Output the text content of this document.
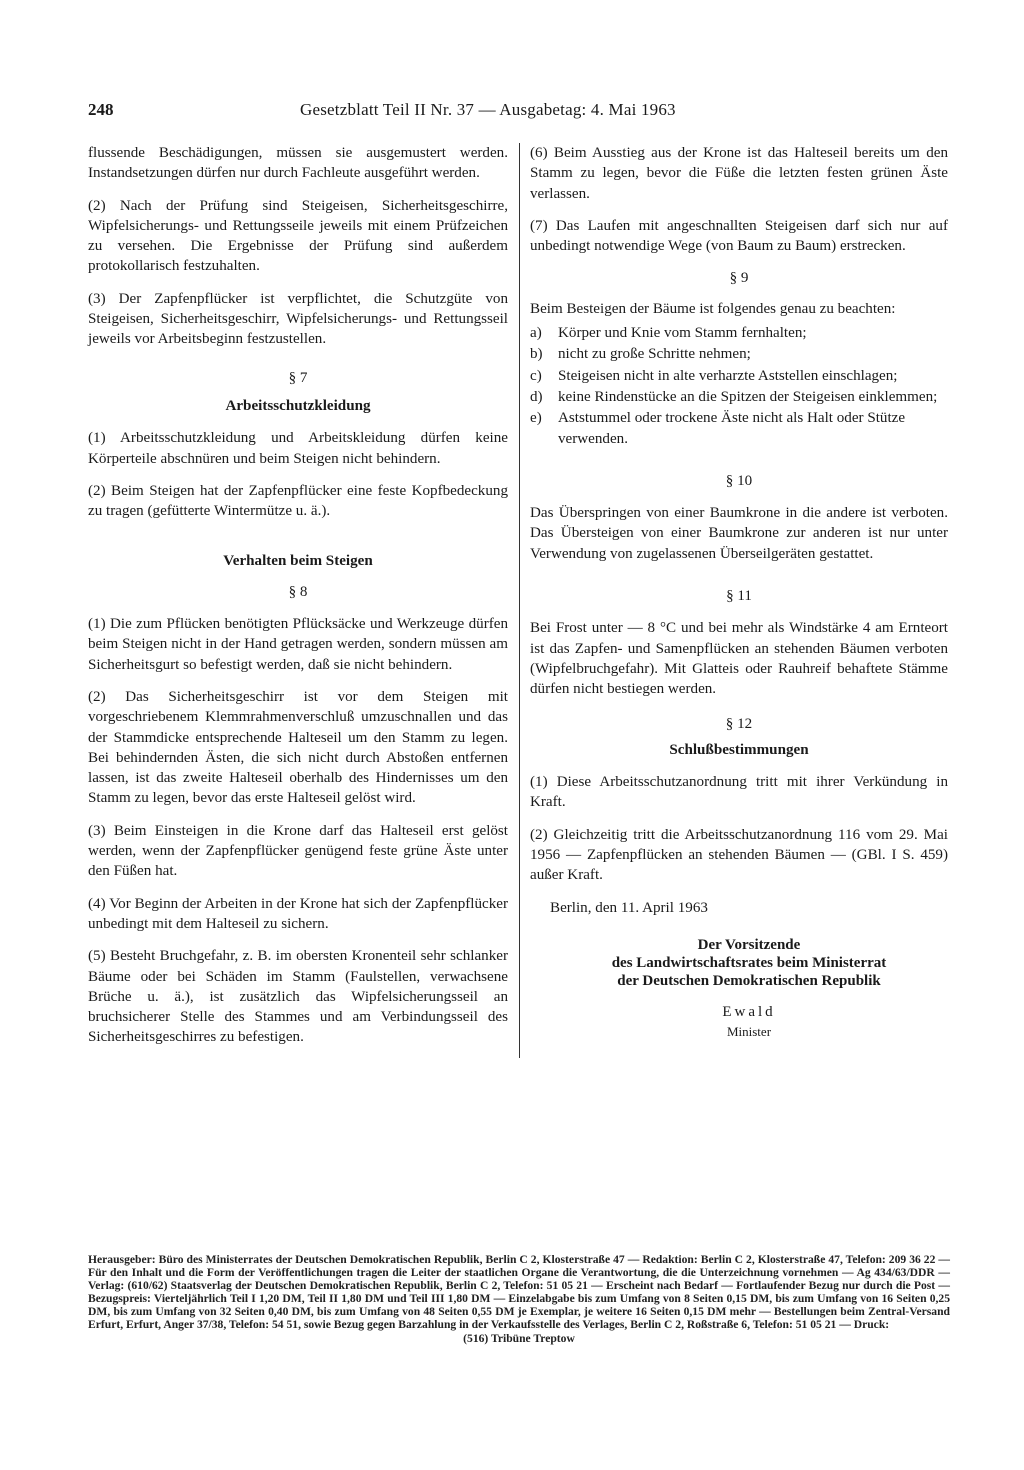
248	Gesetzblatt Teil II Nr. 37 — Ausgabetag: 4. Mai 1963

flussende Beschädigungen, müssen sie ausgemustert werden. Instandsetzungen dürfen nur durch Fachleute ausgeführt werden.

(2) Nach der Prüfung sind Steigeisen, Sicherheitsgeschirre, Wipfelsicherungs- und Rettungsseile jeweils mit einem Prüfzeichen zu versehen. Die Ergebnisse der Prüfung sind außerdem protokollarisch festzuhalten.

(3) Der Zapfenpflücker ist verpflichtet, die Schutzgüte von Steigeisen, Sicherheitsgeschirr, Wipfelsicherungs- und Rettungsseil jeweils vor Arbeitsbeginn festzustellen.

§ 7
Arbeitsschutzkleidung

(1) Arbeitsschutzkleidung und Arbeitskleidung dürfen keine Körperteile abschnüren und beim Steigen nicht behindern.

(2) Beim Steigen hat der Zapfenpflücker eine feste Kopfbedeckung zu tragen (gefütterte Wintermütze u. ä.).

Verhalten beim Steigen
§ 8

(1) Die zum Pflücken benötigten Pflücksäcke und Werkzeuge dürfen beim Steigen nicht in der Hand getragen werden, sondern müssen am Sicherheitsgurt so befestigt werden, daß sie nicht behindern.

(2) Das Sicherheitsgeschirr ist vor dem Steigen mit vorgeschriebenem Klemmrahmenverschluß umzuschnallen und das der Stammdicke entsprechende Halteseil um den Stamm zu legen. Bei behindernden Ästen, die sich nicht durch Abstoßen entfernen lassen, ist das zweite Halteseil oberhalb des Hindernisses um den Stamm zu legen, bevor das erste Halteseil gelöst wird.

(3) Beim Einsteigen in die Krone darf das Halteseil erst gelöst werden, wenn der Zapfenpflücker genügend feste grüne Äste unter den Füßen hat.

(4) Vor Beginn der Arbeiten in der Krone hat sich der Zapfenpflücker unbedingt mit dem Halteseil zu sichern.

(5) Besteht Bruchgefahr, z. B. im obersten Kronenteil sehr schlanker Bäume oder bei Schäden im Stamm (Faulstellen, verwachsene Brüche u. ä.), ist zusätzlich das Wipfelsicherungsseil an bruchsicherer Stelle des Stammes und am Verbindungsseil des Sicherheitsgeschirres zu befestigen.

(6) Beim Ausstieg aus der Krone ist das Halteseil bereits um den Stamm zu legen, bevor die Füße die letzten festen grünen Äste verlassen.

(7) Das Laufen mit angeschnallten Steigeisen darf sich nur auf unbedingt notwendige Wege (von Baum zu Baum) erstrecken.

§ 9

Beim Besteigen der Bäume ist folgendes genau zu beachten:

a) Körper und Knie vom Stamm fernhalten;
b) nicht zu große Schritte nehmen;
c) Steigeisen nicht in alte verharzte Aststellen einschlagen;
d) keine Rindenstücke an die Spitzen der Steigeisen einklemmen;
e) Aststummel oder trockene Äste nicht als Halt oder Stütze verwenden.
§ 10

Das Überspringen von einer Baumkrone in die andere ist verboten. Das Übersteigen von einer Baumkrone zur anderen ist nur unter Verwendung von zugelassenen Überseilgeräten gestattet.

§ 11

Bei Frost unter — 8 °C und bei mehr als Windstärke 4 am Ernteort ist das Zapfen- und Samenpflücken an stehenden Bäumen verboten (Wipfelbruchgefahr). Mit Glatteis oder Rauhreif behaftete Stämme dürfen nicht bestiegen werden.

§ 12
Schlußbestimmungen

(1) Diese Arbeitsschutzanordnung tritt mit ihrer Verkündung in Kraft.

(2) Gleichzeitig tritt die Arbeitsschutzanordnung 116 vom 29. Mai 1956 — Zapfenpflücken an stehenden Bäumen — (GBl. I S. 459) außer Kraft.

Berlin, den 11. April 1963

Der Vorsitzende
des Landwirtschaftsrates beim Ministerrat
der Deutschen Demokratischen Republik
Ewald
Minister
Herausgeber: Büro des Ministerrates der Deutschen Demokratischen Republik, Berlin C 2, Klosterstraße 47 — Redaktion: Berlin C 2, Klosterstraße 47, Telefon: 209 36 22 — Für den Inhalt und die Form der Veröffentlichungen tragen die Leiter der staatlichen Organe die Verantwortung, die die Unterzeichnung vornehmen — Ag 434/63/DDR — Verlag: (610/62) Staatsverlag der Deutschen Demokratischen Republik, Berlin C 2, Telefon: 51 05 21 — Erscheint nach Bedarf — Fortlaufender Bezug nur durch die Post — Bezugspreis: Vierteljährlich Teil I 1,20 DM, Teil II 1,80 DM und Teil III 1,80 DM — Einzelabgabe bis zum Umfang von 8 Seiten 0,15 DM, bis zum Umfang von 16 Seiten 0,25 DM, bis zum Umfang von 32 Seiten 0,40 DM, bis zum Umfang von 48 Seiten 0,55 DM je Exemplar, je weitere 16 Seiten 0,15 DM mehr — Bestellungen beim Zentral-Versand Erfurt, Erfurt, Anger 37/38, Telefon: 54 51, sowie Bezug gegen Barzahlung in der Verkaufsstelle des Verlages, Berlin C 2, Roßstraße 6, Telefon: 51 05 21 — Druck:
(516) Tribüne Treptow
